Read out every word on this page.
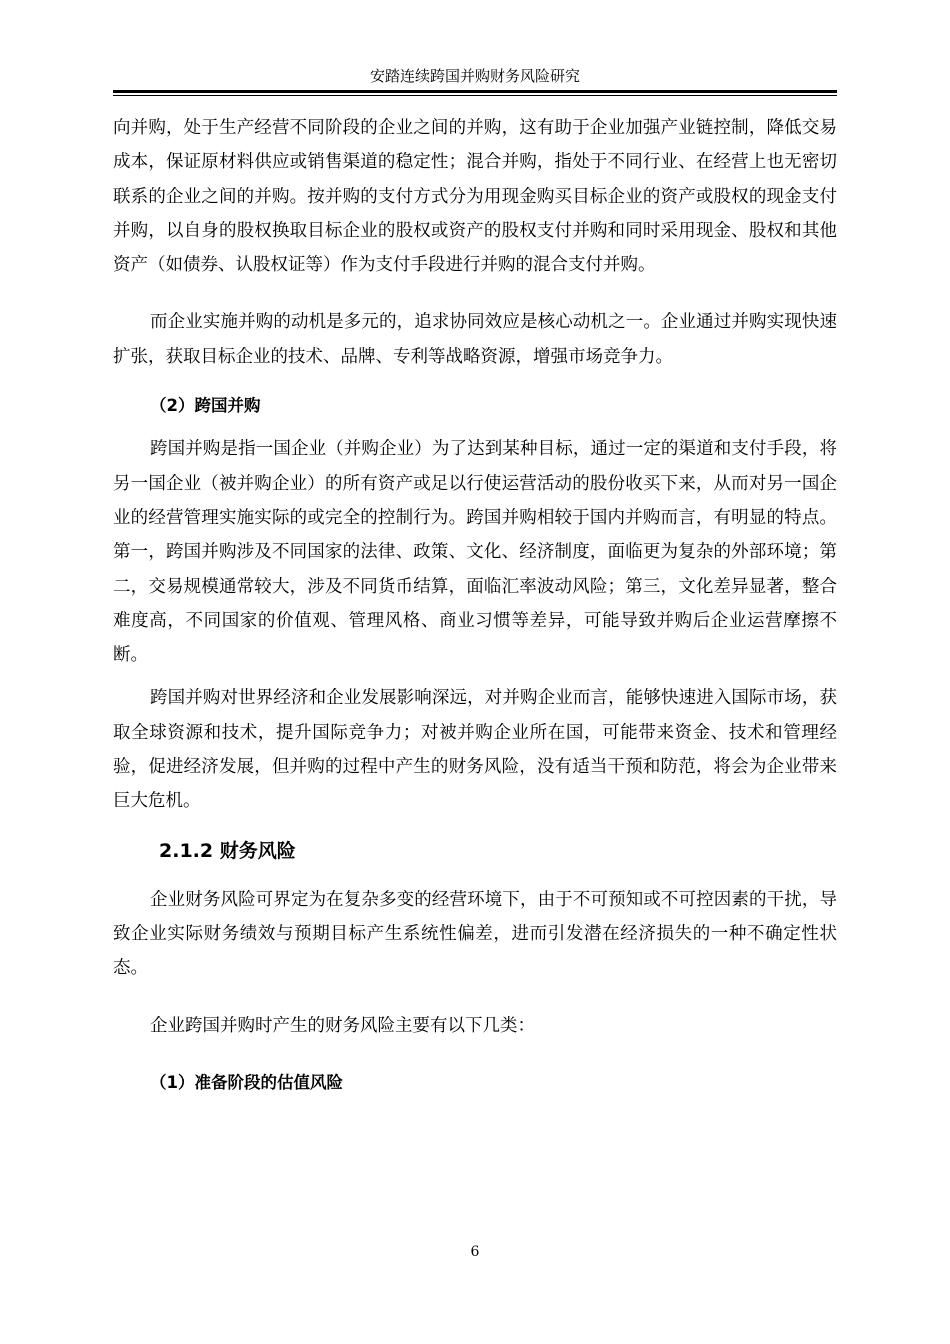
安踏连续跨国并购财务风险研究

向并购，处于生产经营不同阶段的企业之间的并购，这有助于企业加强产业链控制，降低交易成本，保证原材料供应或销售渠道的稳定性；混合并购，指处于不同行业、在经营上也无密切联系的企业之间的并购。按并购的支付方式分为用现金购买目标企业的资产或股权的现金支付并购，以自身的股权换取目标企业的股权或资产的股权支付并购和同时采用现金、股权和其他资产（如债券、认股权证等）作为支付手段进行并购的混合支付并购。

而企业实施并购的动机是多元的，追求协同效应是核心动机之一。企业通过并购实现快速扩张，获取目标企业的技术、品牌、专利等战略资源，增强市场竞争力。

（2）跨国并购

跨国并购是指一国企业（并购企业）为了达到某种目标，通过一定的渠道和支付手段，将另一国企业（被并购企业）的所有资产或足以行使运营活动的股份收买下来，从而对另一国企业的经营管理实施实际的或完全的控制行为。跨国并购相较于国内并购而言，有明显的特点。第一，跨国并购涉及不同国家的法律、政策、文化、经济制度，面临更为复杂的外部环境；第二，交易规模通常较大，涉及不同货币结算，面临汇率波动风险；第三，文化差异显著，整合难度高，不同国家的价值观、管理风格、商业习惯等差异，可能导致并购后企业运营摩擦不断。

跨国并购对世界经济和企业发展影响深远，对并购企业而言，能够快速进入国际市场，获取全球资源和技术，提升国际竞争力；对被并购企业所在国，可能带来资金、技术和管理经验，促进经济发展，但并购的过程中产生的财务风险，没有适当干预和防范，将会为企业带来巨大危机。

2.1.2 财务风险

企业财务风险可界定为在复杂多变的经营环境下，由于不可预知或不可控因素的干扰，导致企业实际财务绩效与预期目标产生系统性偏差，进而引发潜在经济损失的一种不确定性状态。

企业跨国并购时产生的财务风险主要有以下几类：

（1）准备阶段的估值风险

6
